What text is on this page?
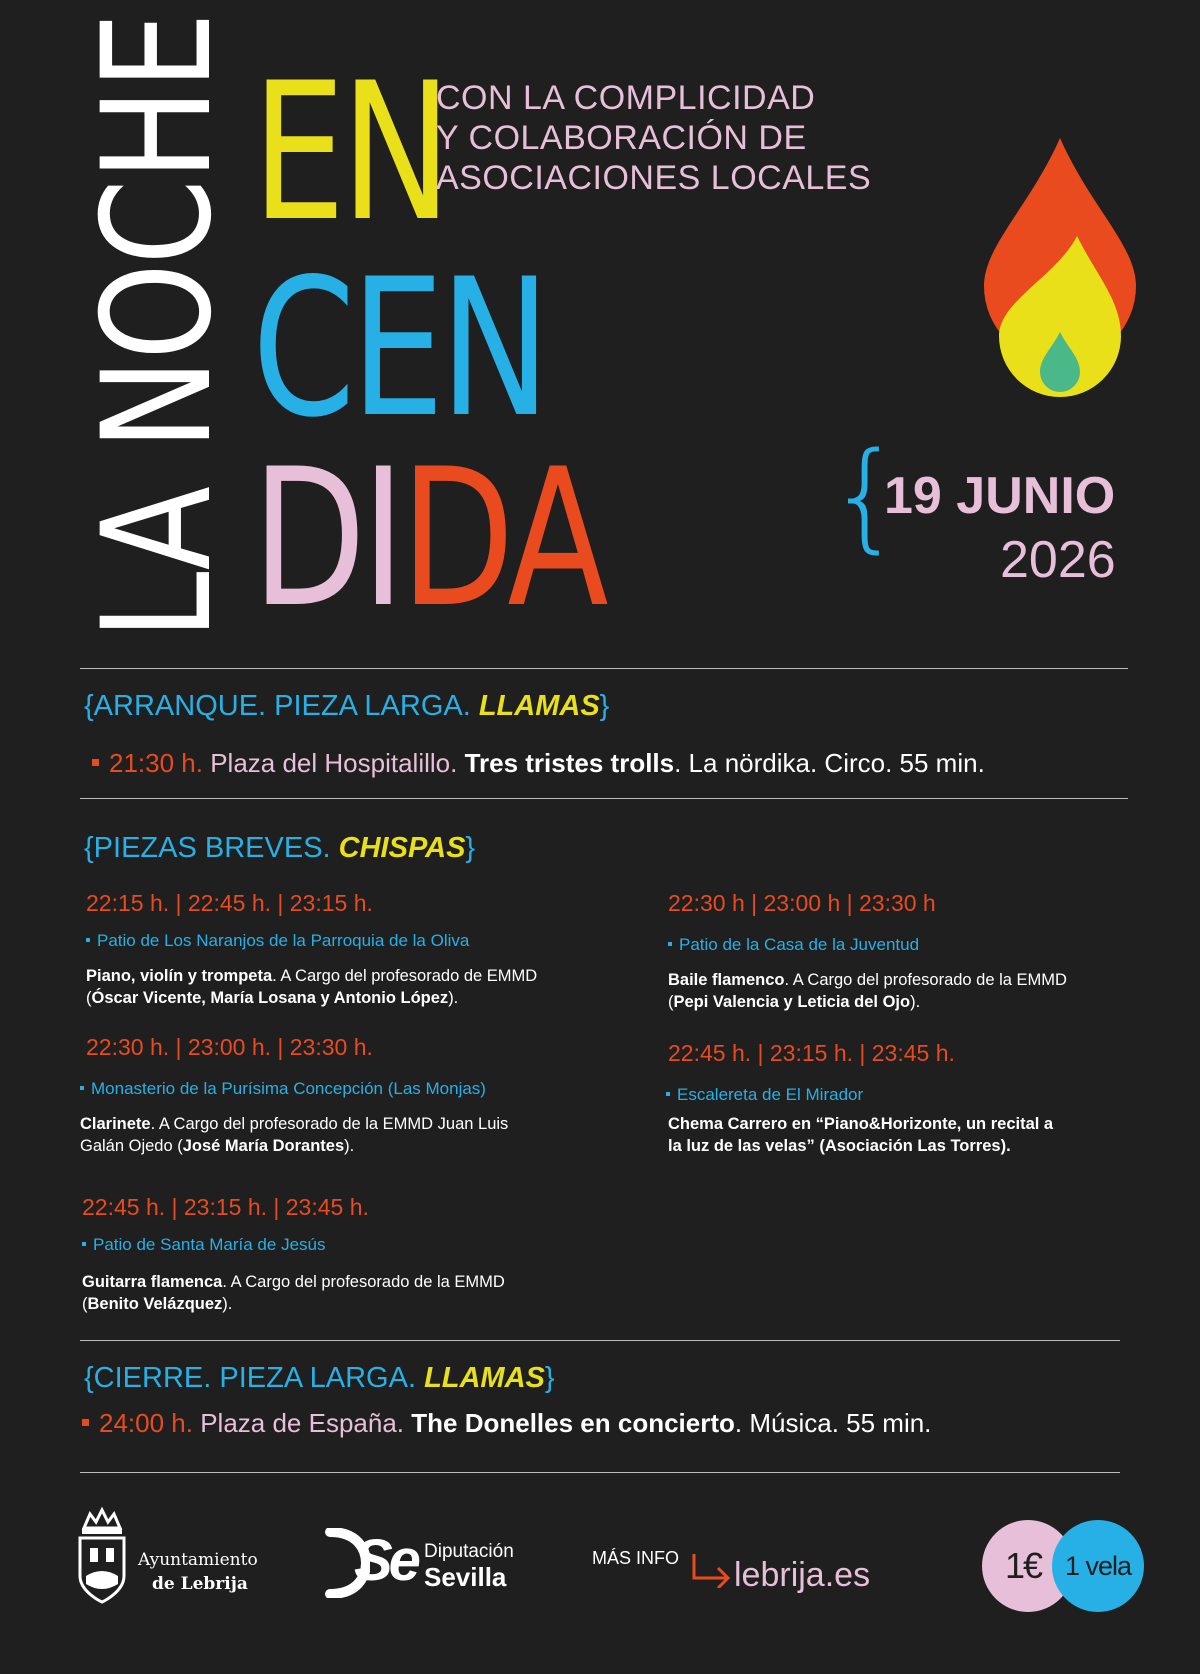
LA NOCHE EN
CEN
DIDA
CON LA COMPLICIDAD
Y COLABORACIÓN DE
ASOCIACIONES LOCALES
{
19 JUNIO
2026
{ARRANQUE. PIEZA LARGA. LLAMAS}
21:30 h. Plaza del Hospitalillo. Tres tristes trolls. La nördika. Circo. 55 min.
{PIEZAS BREVES. CHISPAS}
22:15 h. | 22:45 h. | 23:15 h.
Patio de Los Naranjos de la Parroquia de la Oliva
Piano, violín y trompeta. A Cargo del profesorado de EMMD
(Óscar Vicente, María Losana y Antonio López).
22:30 h. | 23:00 h. | 23:30 h.
Monasterio de la Purísima Concepción (Las Monjas)
Clarinete. A Cargo del profesorado de la EMMD Juan Luis
Galán Ojedo (José María Dorantes).
22:45 h. | 23:15 h. | 23:45 h.
Patio de Santa María de Jesús
Guitarra flamenca. A Cargo del profesorado de la EMMD
(Benito Velázquez).
22:30 h | 23:00 h | 23:30 h
Patio de la Casa de la Juventud
Baile flamenco. A Cargo del profesorado de la EMMD
(Pepi Valencia y Leticia del Ojo).
22:45 h. | 23:15 h. | 23:45 h.
Escalereta de El Mirador
Chema Carrero en “Piano&Horizonte, un recital a
la luz de las velas” (Asociación Las Torres).
{CIERRE. PIEZA LARGA. LLAMAS}
24:00 h. Plaza de España. The Donelles en concierto. Música. 55 min.
Ayuntamiento
de Lebrija Se Diputación
Sevilla
MÁS INFO lebrija.es	1€ 1 vela
